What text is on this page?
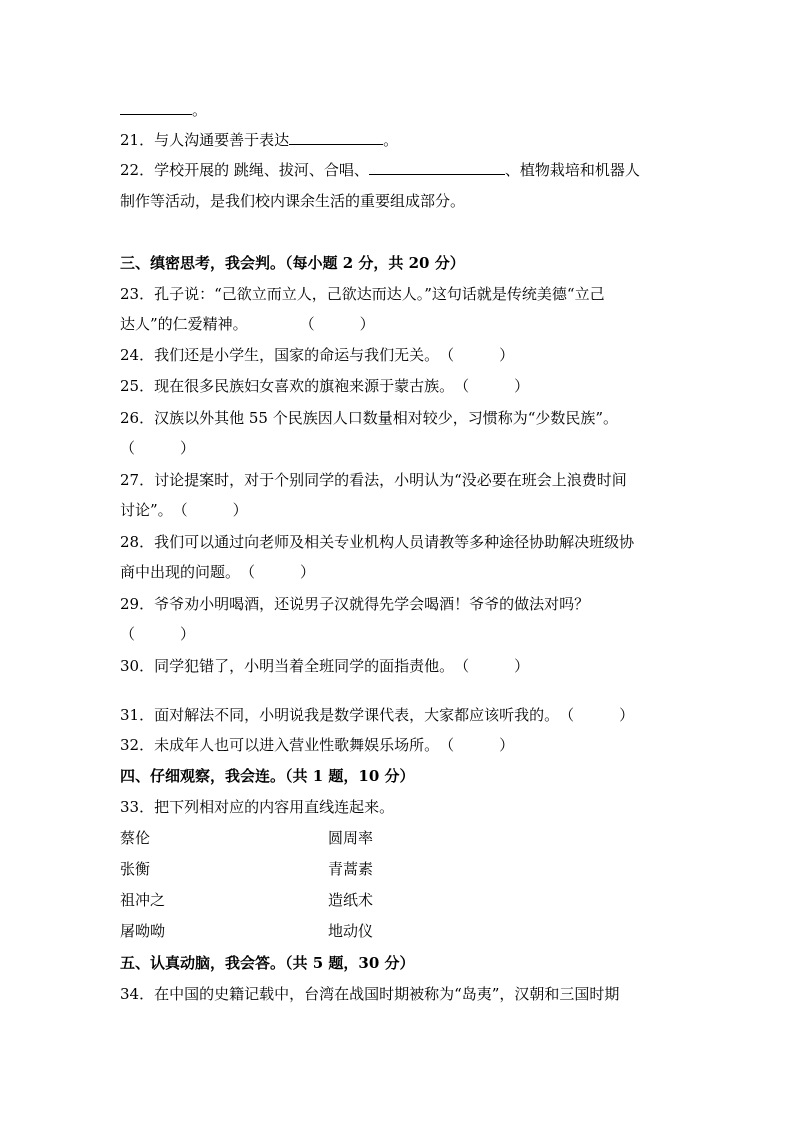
。
21．与人沟通要善于表达	。
22．学校开展的 跳绳、拔河、合唱、	、植物栽培和机器人
制作等活动，是我们校内课余生活的重要组成部分。
三、缜密思考，我会判。（每小题 2 分，共 20 分）
23．孔子说：“己欲立而立人，己欲达而达人。”这句话就是传统美德“立己
达人”的仁爱精神。	（　　　）
24．我们还是小学生，国家的命运与我们无关。（　　　）
25．现在很多民族妇女喜欢的旗袍来源于蒙古族。（　　　）
26．汉族以外其他 55 个民族因人口数量相对较少，习惯称为“少数民族”。
（　　　）
27．讨论提案时，对于个别同学的看法，小明认为“没必要在班会上浪费时间
讨论”。（　　　）
28．我们可以通过向老师及相关专业机构人员请教等多种途径协助解决班级协
商中出现的问题。（　　　）
29．爷爷劝小明喝酒，还说男子汉就得先学会喝酒！爷爷的做法对吗？
（　　　）
30．同学犯错了，小明当着全班同学的面指责他。（　　　）
31．面对解法不同，小明说我是数学课代表，大家都应该听我的。（　　　）
32．未成年人也可以进入营业性歌舞娱乐场所。（　　　）
四、仔细观察，我会连。（共 1 题，10 分）
33．把下列相对应的内容用直线连起来。
蔡伦	圆周率
张衡	青蒿素
祖冲之	造纸术
屠呦呦	地动仪
五、认真动脑，我会答。（共 5 题，30 分）
34．在中国的史籍记载中，台湾在战国时期被称为“岛夷”，汉朝和三国时期
